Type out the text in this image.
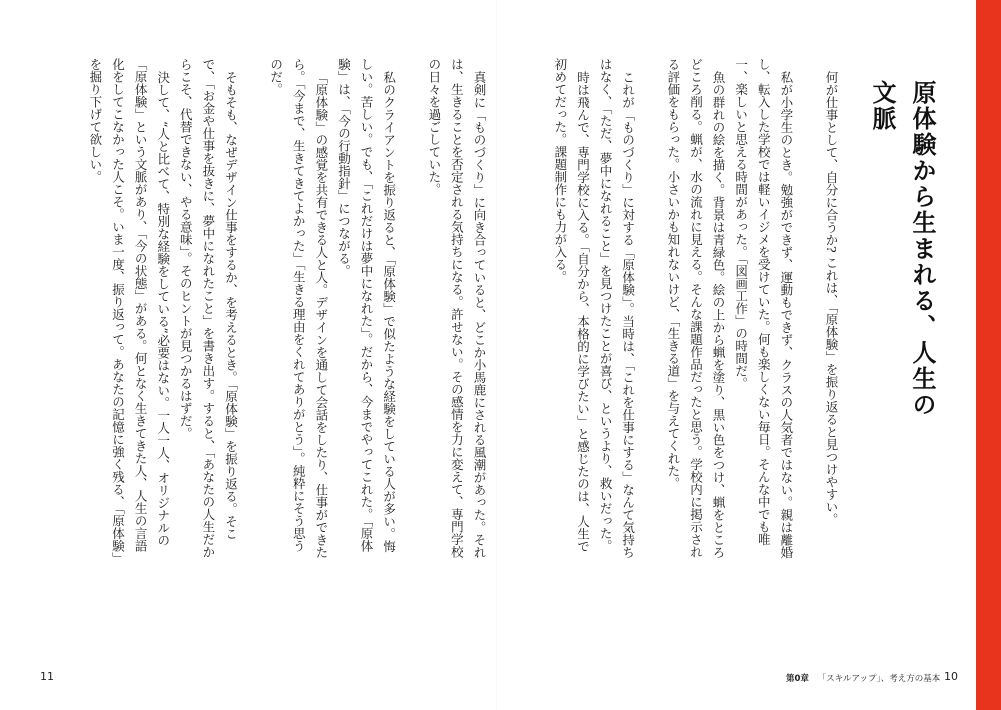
原体験から生まれる、人生の文脈

何が仕事として、自分に合うか? これは、「原体験」を振り返ると見つけやすい。

私が小学生のとき。勉強ができず、運動もできず、クラスの人気者ではない。親は離婚し、転入した学校では軽いイジメを受けていた。何も楽しくない毎日。そんな中でも唯一、楽しいと思える時間があった。「図画工作」の時間だ。

魚の群れの絵を描く。背景は青緑色。絵の上から蝋を塗り、黒い色をつけ、蝋をところどころ削る。蝋が、水の流れに見える。そんな課題作品だったと思う。学校内に掲示される評価をもらった。小さいかも知れないけど、「生きる道」を与えてくれた。

これが「ものづくり」に対する「原体験」。当時は、「これを仕事にする」なんて気持ちはなく、「ただ、夢中になれること」を見つけたことが喜び、というより、救いだった。

時は飛んで、専門学校に入る。「自分から、本格的に学びたい」と感じたのは、人生で初めてだった。課題制作にも力が入る。

真剣に「ものづくり」に向き合っていると、どこか小馬鹿にされる風潮があった。それは、生きることを否定される気持ちになる。許せない。その感情を力に変えて、専門学校の日々を過ごしていた。

私のクライアントを振り返ると、「原体験」で似たような経験をしている人が多い。悔しい。苦しい。でも、「これだけは夢中になれた」。だから、今までやってこれた。「原体験」は、「今の行動指針」につながる。

「原体験」の感覚を共有できる人と人。デザインを通して会話をしたり、仕事ができたら。「今まで、生きてきてよかった」「生きる理由をくれてありがとう」。純粋にそう思うのだ。

そもそも、なぜデザイン仕事をするか、を考えるとき。「原体験」を振り返る。そこで、「お金や仕事を抜きに、夢中になれたこと」を書き出す。すると、「あなたの人生だからこそ、代替できない、やる意味」。そのヒントが見つかるはずだ。

決して、“人と比べて、特別な経験をしている”必要はない。一人一人、オリジナルの「原体験」という文脈があり、「今の状態」がある。何となく生きてきた人、人生の言語化をしてこなかった人こそ。いま一度、振り返って。あなたの記憶に強く残る、「原体験」を掘り下げて欲しい。

11	第0章 「スキルアップ」、考え方の基本 10
